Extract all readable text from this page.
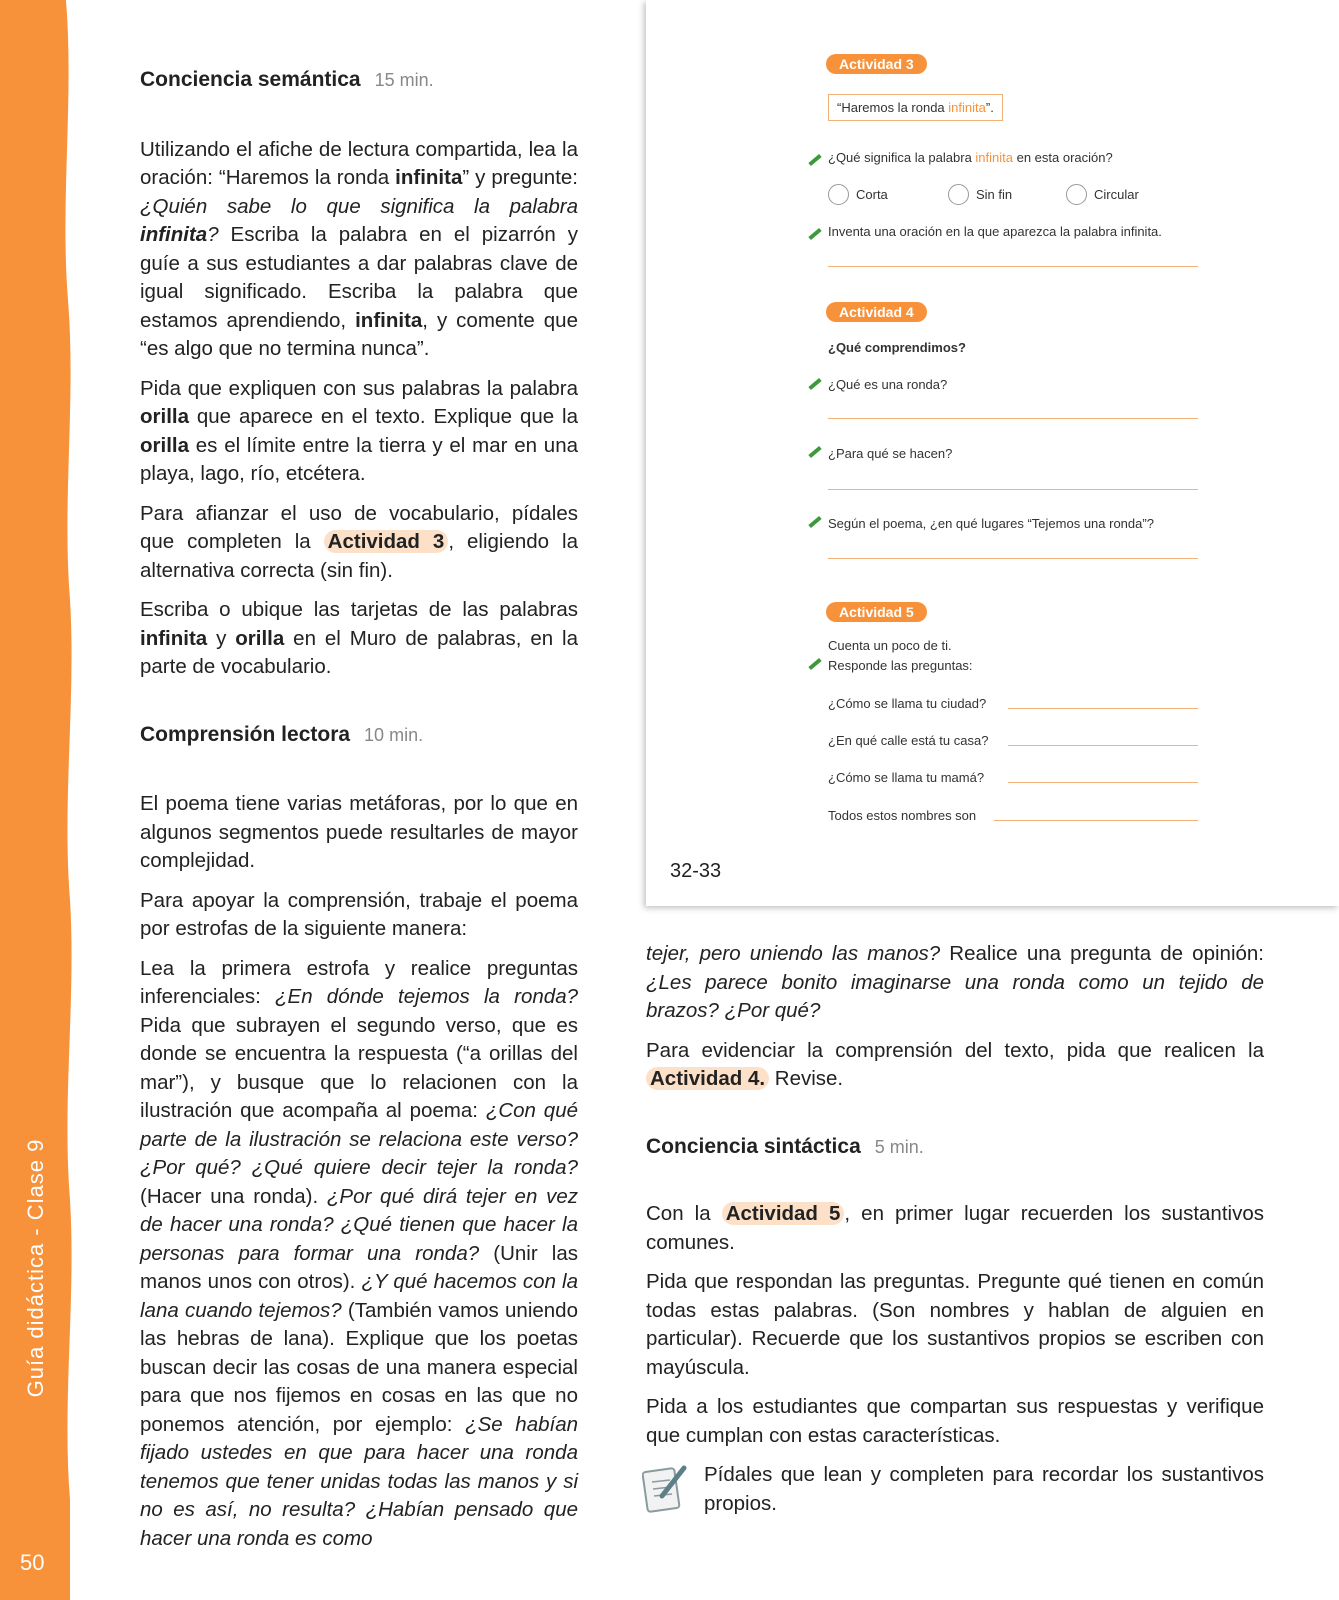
Guía didáctica - Clase 9
50

Conciencia semántica 15 min.

Utilizando el afiche de lectura compartida, lea la oración: “Haremos la ronda infinita” y pregunte: ¿Quién sabe lo que significa la palabra infinita? Escriba la palabra en el pizarrón y guíe a sus estudiantes a dar palabras clave de igual significado. Escriba la palabra que estamos aprendiendo, infinita, y comente que “es algo que no termina nunca”.

Pida que expliquen con sus palabras la palabra orilla que aparece en el texto. Explique que la orilla es el límite entre la tierra y el mar en una playa, lago, río, etcétera.

Para afianzar el uso de vocabulario, pídales que completen la Actividad 3 , eligiendo la alternativa correcta (sin fin).

Escriba o ubique las tarjetas de las palabras infinita y orilla en el Muro de palabras, en la parte de vocabulario.

Comprensión lectora 10 min.

El poema tiene varias metáforas, por lo que en algunos segmentos puede resultarles de mayor complejidad.

Para apoyar la comprensión, trabaje el poema por estrofas de la siguiente manera:

Lea la primera estrofa y realice preguntas inferenciales: ¿En dónde tejemos la ronda? Pida que subrayen el segundo verso, que es donde se encuentra la respuesta (“a orillas del mar”), y busque que lo relacionen con la ilustración que acompaña al poema: ¿Con qué parte de la ilustración se relaciona este verso? ¿Por qué? ¿Qué quiere decir tejer la ronda? (Hacer una ronda). ¿Por qué dirá tejer en vez de hacer una ronda? ¿Qué tienen que hacer la personas para formar una ronda? (Unir las manos unos con otros). ¿Y qué hacemos con la lana cuando tejemos? (También vamos uniendo las hebras de lana). Explique que los poetas buscan decir las cosas de una manera especial para que nos fijemos en cosas en las que no ponemos atención, por ejemplo: ¿Se habían fijado ustedes en que para hacer una ronda tenemos que tener unidas todas las manos y si no es así, no resulta? ¿Habían pensado que hacer una ronda es como

Actividad 3
“Haremos la ronda infinita”.
¿Qué significa la palabra infinita en esta oración?
Corta	Sin fin	Circular
Inventa una oración en la que aparezca la palabra infinita.
Actividad 4
¿Qué comprendimos?
¿Qué es una ronda?
¿Para qué se hacen?
Según el poema, ¿en qué lugares “Tejemos una ronda”?
Actividad 5
Cuenta un poco de ti.
Responde las preguntas:
¿Cómo se llama tu ciudad?
¿En qué calle está tu casa?
¿Cómo se llama tu mamá?
Todos estos nombres son
32-33

tejer, pero uniendo las manos? Realice una pregunta de opinión: ¿Les parece bonito imaginarse una ronda como un tejido de brazos? ¿Por qué?

Para evidenciar la comprensión del texto, pida que realicen la Actividad 4. Revise.

Conciencia sintáctica 5 min.

Con la Actividad 5 , en primer lugar recuerden los sustantivos comunes.

Pida que respondan las preguntas. Pregunte qué tienen en común todas estas palabras. (Son nombres y hablan de alguien en particular). Recuerde que los sustantivos propios se escriben con mayúscula.

Pida a los estudiantes que compartan sus respuestas y verifique que cumplan con estas características.

Pídales que lean y completen para recordar los sustantivos propios.
